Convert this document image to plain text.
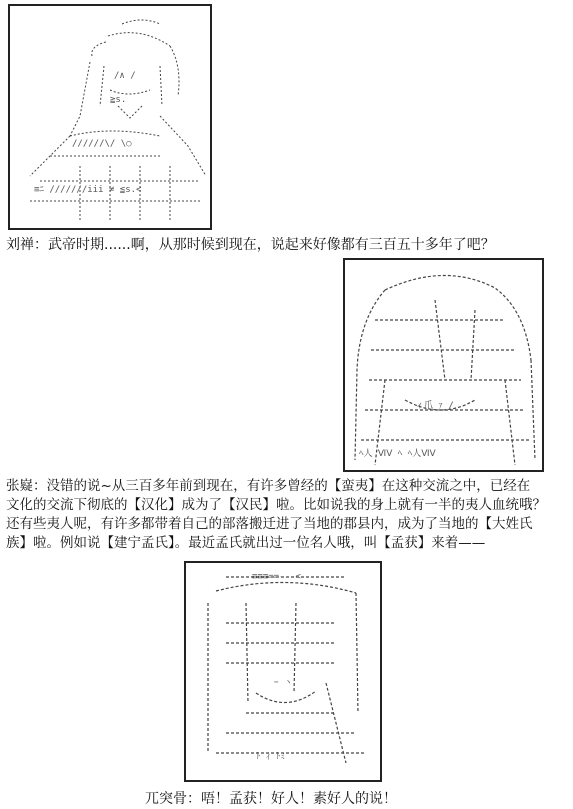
/∧ /
≧s.
//////\/ \○
≡ﾆ ///////iii ≠ ≦s.<

刘禅：武帝时期......啊，从那时候到现在，说起来好像都有三百五十多年了吧？

ィ爪 ｧ /
ﾍ人 ⅥⅤ ﾍ ﾍ人ⅥⅤ
张嶷：没错的说~从三百多年前到现在，有许多曾经的【蛮夷】在这种交流之中，已经在
文化的交流下彻底的【汉化】成为了【汉民】啦。比如说我的身上就有一半的夷人血统哦？
还有些夷人呢，有许多都带着自己的部落搬迁进了当地的郡县内，成为了当地的【大姓氏
族】啦。例如说【建宁孟氏】。最近孟氏就出过一位名人哦，叫【孟获】来着——
≡≡≡==‐‐‐<
ｰ ヽ
ﾄ ｨ ﾄﾐ

兀突骨：唔！孟获！好人！素好人的说！
